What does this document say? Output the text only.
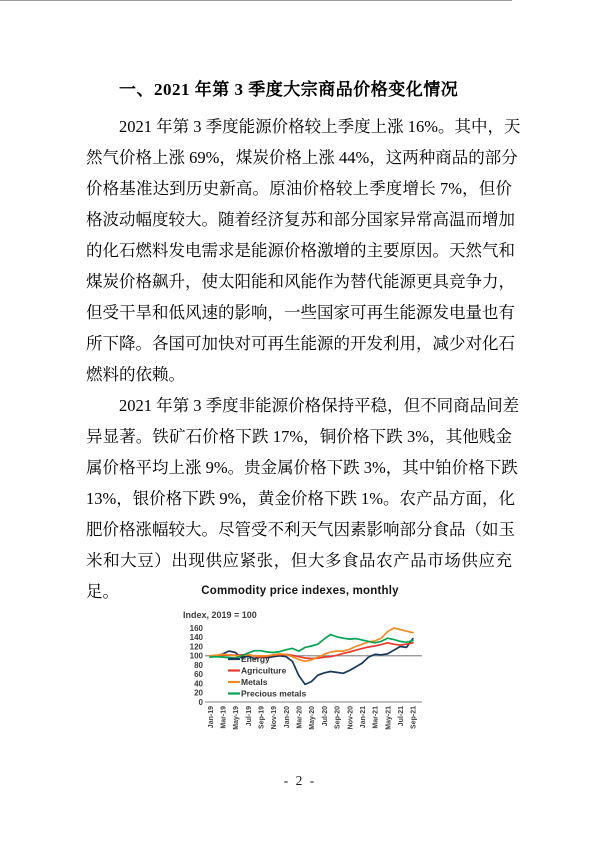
一、2021 年第 3 季度大宗商品价格变化情况
2021 年第 3 季度能源价格较上季度上涨 16%。其中，天
然气价格上涨 69%，煤炭价格上涨 44%，这两种商品的部分
价格基准达到历史新高。原油价格较上季度增长 7%，但价
格波动幅度较大。随着经济复苏和部分国家异常高温而增加
的化石燃料发电需求是能源价格激增的主要原因。天然气和
煤炭价格飙升，使太阳能和风能作为替代能源更具竞争力，
但受干旱和低风速的影响，一些国家可再生能源发电量也有
所下降。各国可加快对可再生能源的开发利用，减少对化石
燃料的依赖。
2021 年第 3 季度非能源价格保持平稳，但不同商品间差
异显著。铁矿石价格下跌 17%，铜价格下跌 3%，其他贱金
属价格平均上涨 9%。贵金属价格下跌 3%，其中铂价格下跌
13%，银价格下跌 9%，黄金价格下跌 1%。农产品方面，化
肥价格涨幅较大。尽管受不利天气因素影响部分食品（如玉
米和大豆）出现供应紧张，但大多食品农产品市场供应充足。	Commodity price indexes, monthly
Index, 2019 = 100
0
20
40
60
80
100
120
140
160
Jan-19 Mar-19 May-19 Jul-19 Sep-19 Nov-19 Jan-20 Mar-20 May-20 Jul-20 Sep-20 Nov-20 Jan-21 Mar-21 May-21 Jul-21 Sep-21
Energy
Agriculture
Metals
Precious metals
- 2 -
